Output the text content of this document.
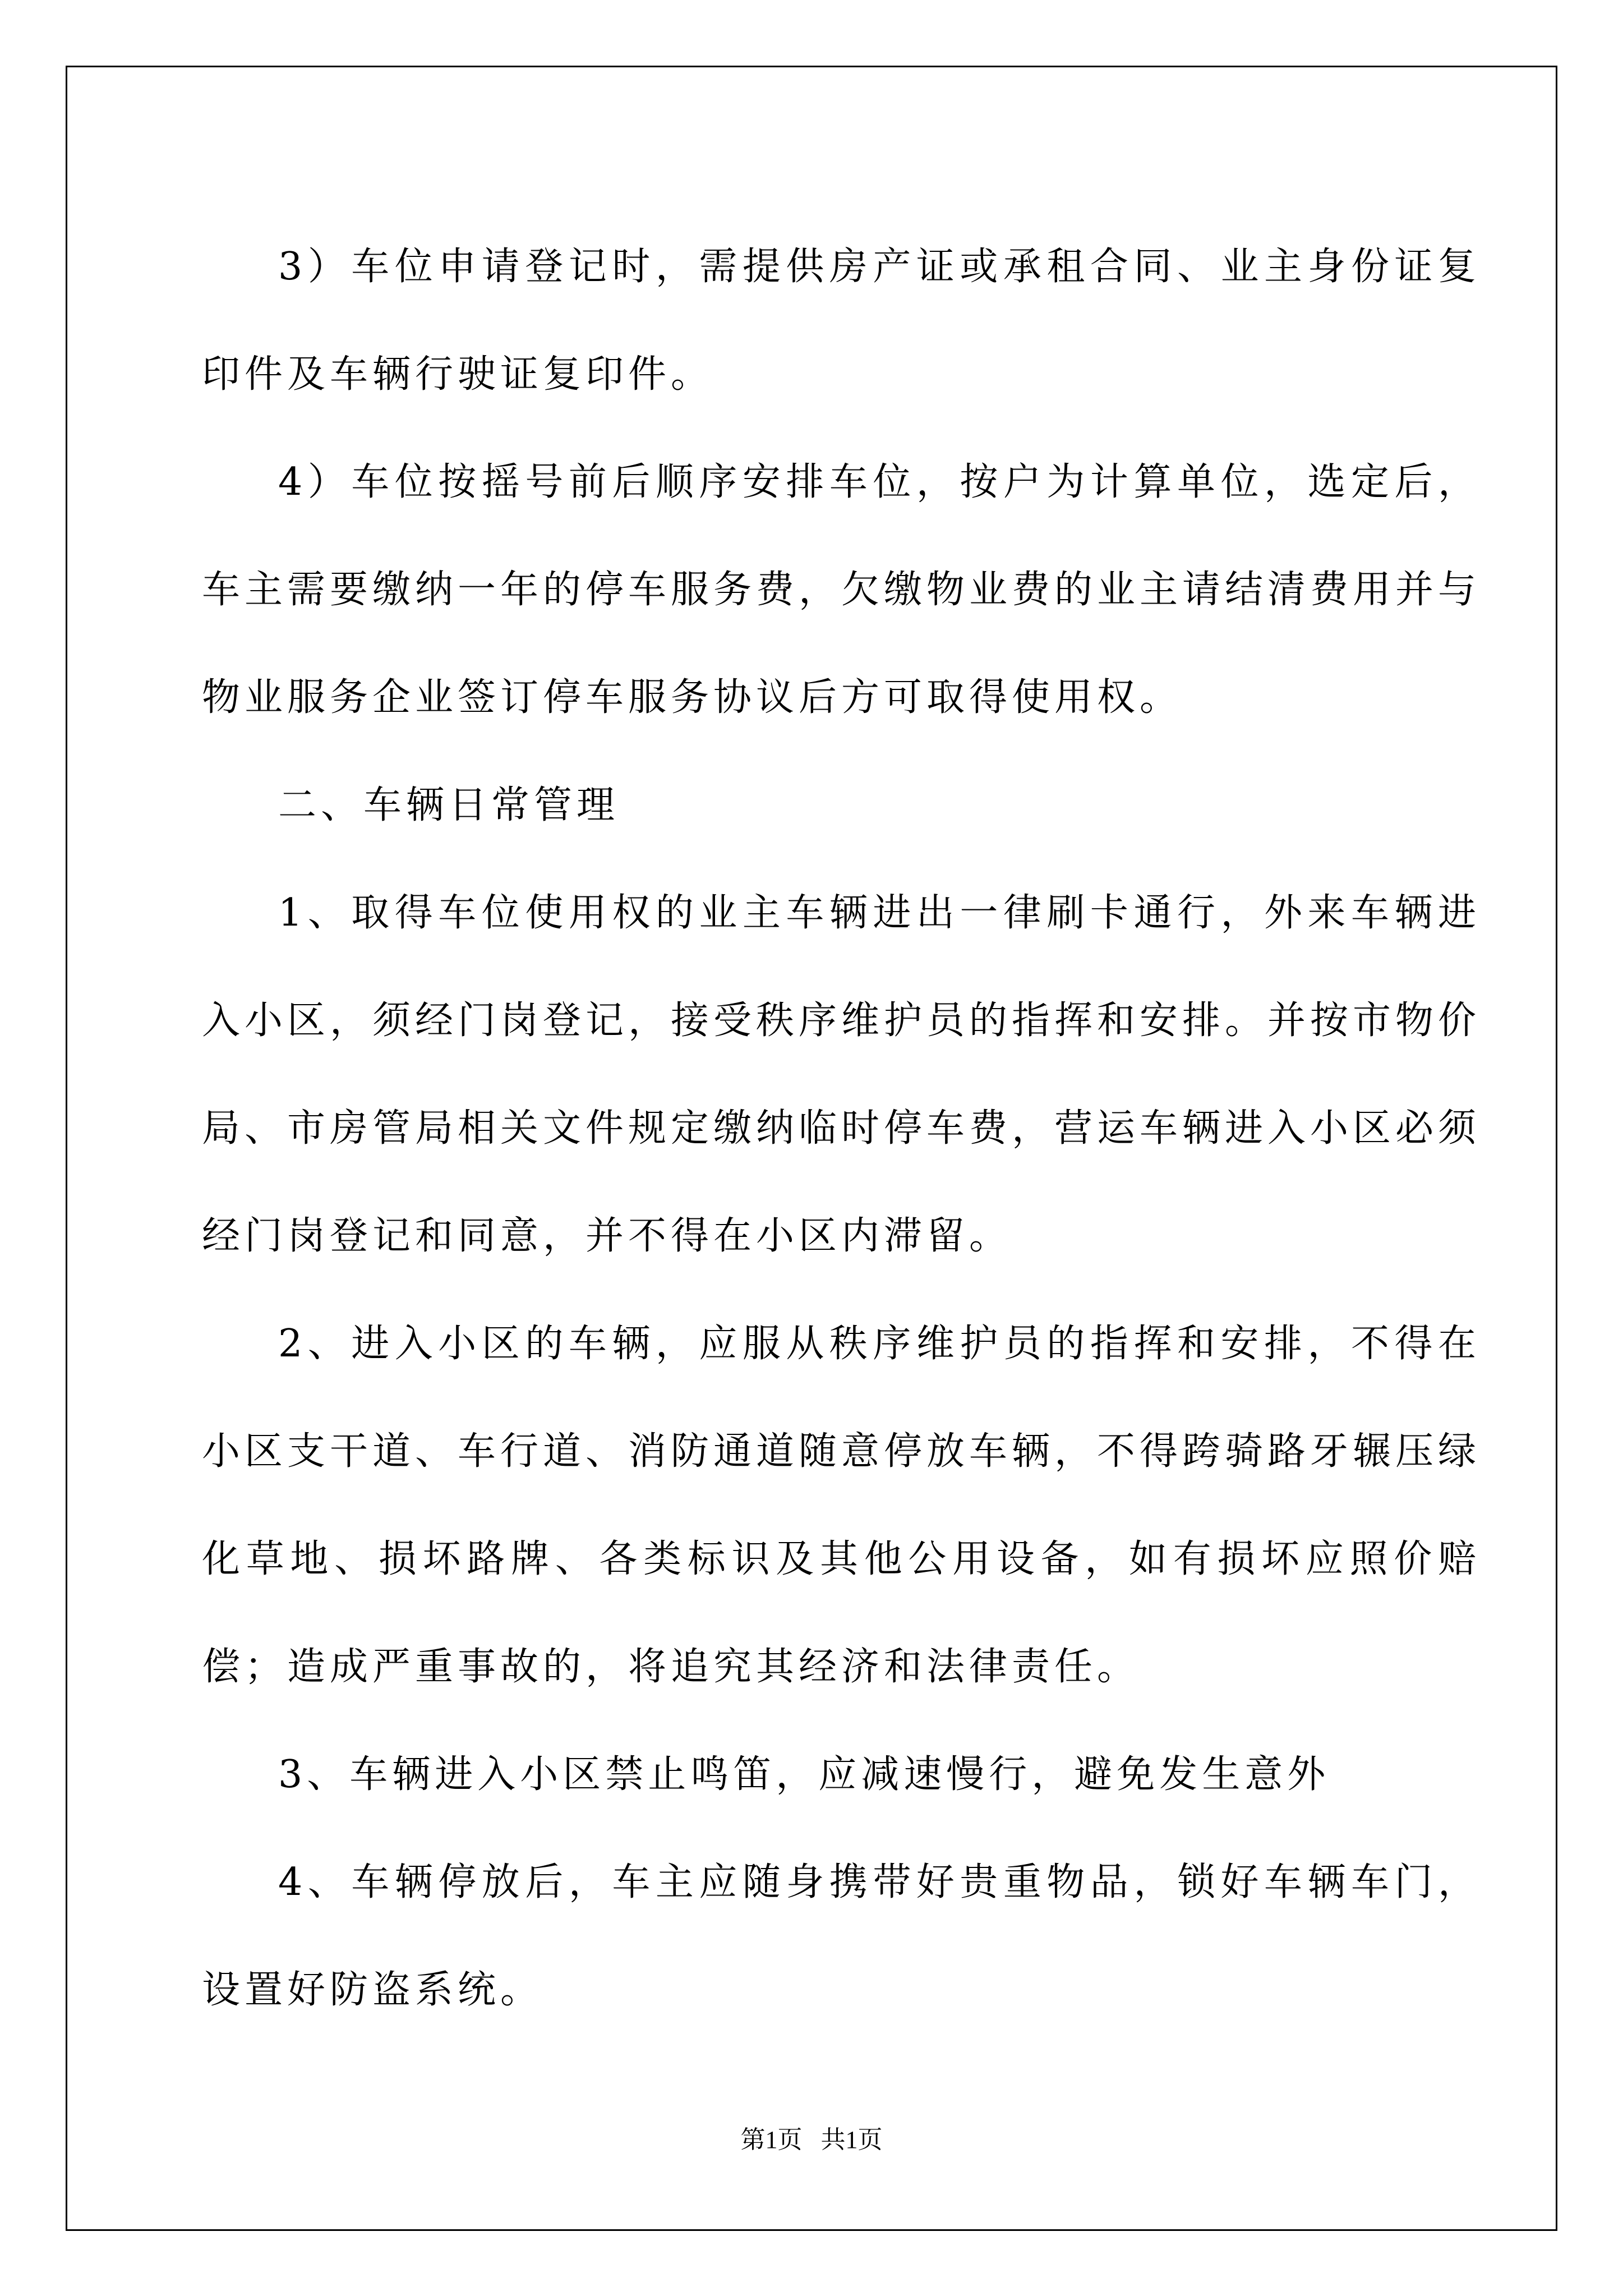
3）车位申请登记时，需提供房产证或承租合同、业主身份证复印件及车辆行驶证复印件。

4）车位按摇号前后顺序安排车位，按户为计算单位，选定后，车主需要缴纳一年的停车服务费，欠缴物业费的业主请结清费用并与物业服务企业签订停车服务协议后方可取得使用权。

二、车辆日常管理

1、取得车位使用权的业主车辆进出一律刷卡通行，外来车辆进入小区，须经门岗登记，接受秩序维护员的指挥和安排。并按市物价局、市房管局相关文件规定缴纳临时停车费，营运车辆进入小区必须经门岗登记和同意，并不得在小区内滞留。

2、进入小区的车辆，应服从秩序维护员的指挥和安排，不得在小区支干道、车行道、消防通道随意停放车辆，不得跨骑路牙辗压绿化草地、损坏路牌、各类标识及其他公用设备，如有损坏应照价赔偿；造成严重事故的，将追究其经济和法律责任。

3、车辆进入小区禁止鸣笛，应减速慢行，避免发生意外

4、车辆停放后，车主应随身携带好贵重物品，锁好车辆车门，设置好防盗系统。

第1页 共1页
